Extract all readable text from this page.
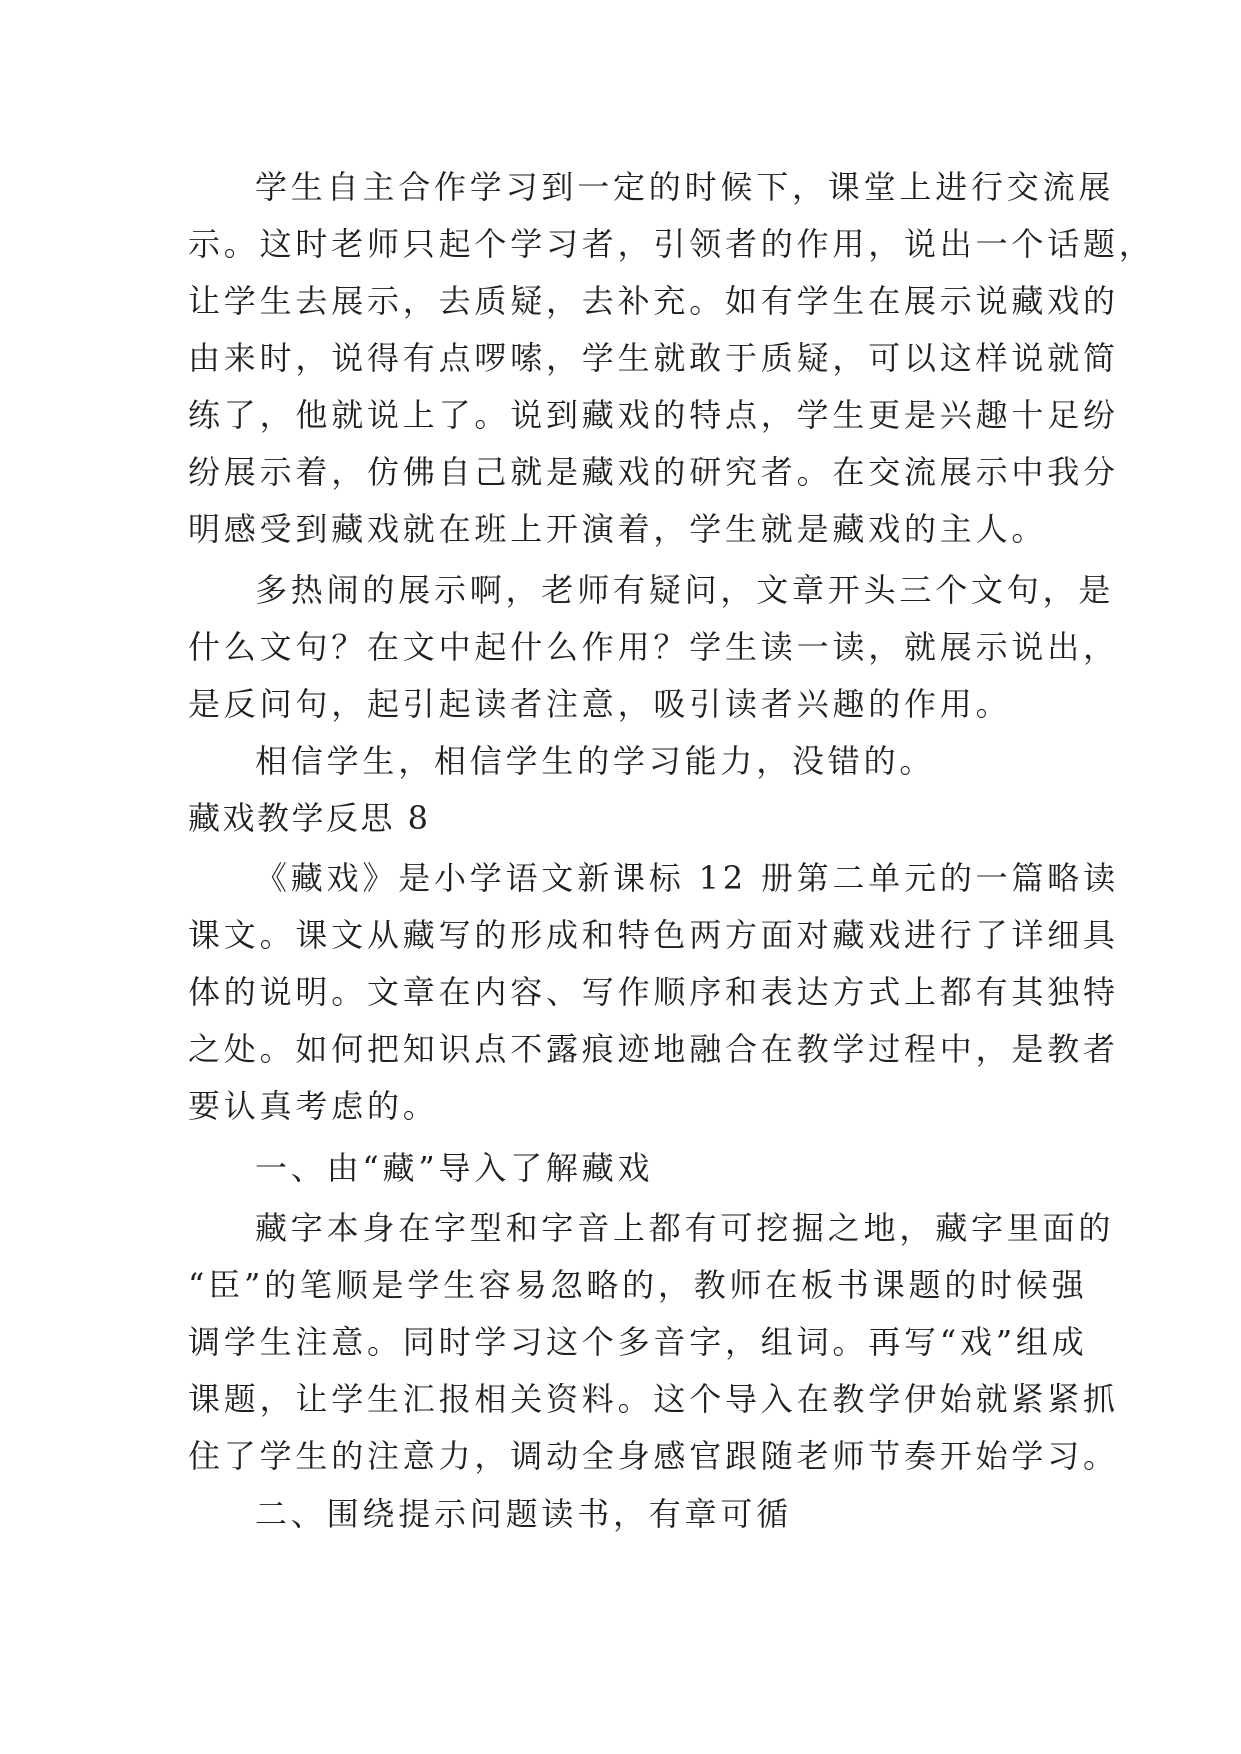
学生自主合作学习到一定的时候下，课堂上进行交流展
示。这时老师只起个学习者，引领者的作用，说出一个话题，
让学生去展示，去质疑，去补充。如有学生在展示说藏戏的
由来时，说得有点啰嗦，学生就敢于质疑，可以这样说就简
练了，他就说上了。说到藏戏的特点，学生更是兴趣十足纷
纷展示着，仿佛自己就是藏戏的研究者。在交流展示中我分
明感受到藏戏就在班上开演着，学生就是藏戏的主人。
多热闹的展示啊，老师有疑问，文章开头三个文句，是
什么文句？在文中起什么作用？学生读一读，就展示说出，
是反问句，起引起读者注意，吸引读者兴趣的作用。
相信学生，相信学生的学习能力，没错的。
藏戏教学反思 8
《藏戏》是小学语文新课标 12 册第二单元的一篇略读
课文。课文从藏写的形成和特色两方面对藏戏进行了详细具
体的说明。文章在内容、写作顺序和表达方式上都有其独特
之处。如何把知识点不露痕迹地融合在教学过程中，是教者
要认真考虑的。
一、由“藏”导入了解藏戏
藏字本身在字型和字音上都有可挖掘之地，藏字里面的
“臣”的笔顺是学生容易忽略的，教师在板书课题的时候强
调学生注意。同时学习这个多音字，组词。再写“戏”组成
课题，让学生汇报相关资料。这个导入在教学伊始就紧紧抓
住了学生的注意力，调动全身感官跟随老师节奏开始学习。
二、围绕提示问题读书，有章可循
